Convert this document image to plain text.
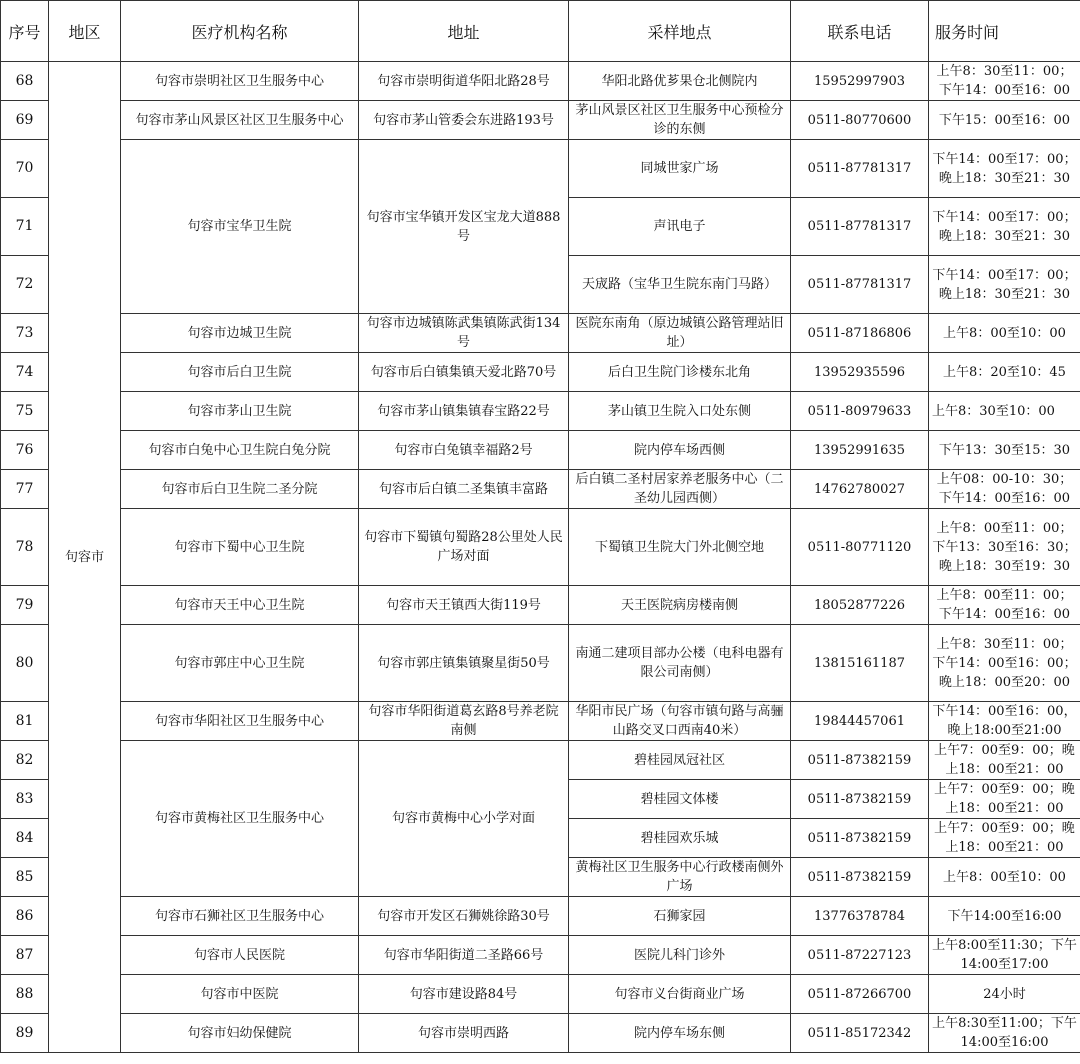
序号	地区	医疗机构名称	地址	采样地点	联系电话	服务时间
68	句容市	句容市崇明社区卫生服务中心	句容市崇明街道华阳北路28号	华阳北路优芗果仓北侧院内	15952997903	上午8：30至11：00；下午14：00至16：00
69		句容市茅山风景区社区卫生服务中心	句容市茅山管委会东进路193号	茅山风景区社区卫生服务中心预检分诊的东侧	0511-80770600	下午15：00至16：00
70		句容市宝华卫生院	句容市宝华镇开发区宝龙大道888号	同城世家广场	0511-87781317	下午14：00至17：00；晚上18：30至21：30
71				声讯电子	0511-87781317	下午14：00至17：00；晚上18：30至21：30
72				天宬路（宝华卫生院东南门马路）	0511-87781317	下午14：00至17：00；晚上18：30至21：30
73		句容市边城卫生院	句容市边城镇陈武集镇陈武街134号	医院东南角（原边城镇公路管理站旧址）	0511-87186806	上午8：00至10：00
74		句容市后白卫生院	句容市后白镇集镇天爱北路70号	后白卫生院门诊楼东北角	13952935596	上午8：20至10：45
75		句容市茅山卫生院	句容市茅山镇集镇春宝路22号	茅山镇卫生院入口处东侧	0511-80979633	上午8：30至10：00
76		句容市白兔中心卫生院白兔分院	句容市白兔镇幸福路2号	院内停车场西侧	13952991635	下午13：30至15：30
77		句容市后白卫生院二圣分院	句容市后白镇二圣集镇丰富路	后白镇二圣村居家养老服务中心（二圣幼儿园西侧）	14762780027	上午08：00-10：30；下午14：00至16：00
78		句容市下蜀中心卫生院	句容市下蜀镇句蜀路28公里处人民广场对面	下蜀镇卫生院大门外北侧空地	0511-80771120	上午8：00至11：00；下午13：30至16：30；晚上18：30至19：30
79		句容市天王中心卫生院	句容市天王镇西大街119号	天王医院病房楼南侧	18052877226	上午8：00至11：00；下午14：00至16：00
80		句容市郭庄中心卫生院	句容市郭庄镇集镇聚星街50号	南通二建项目部办公楼（电科电器有限公司南侧）	13815161187	上午8：30至11：00；下午14：00至16：00；晚上18：00至20：00
81		句容市华阳社区卫生服务中心	句容市华阳街道葛玄路8号养老院南侧	华阳市民广场（句容市镇句路与高骊山路交叉口西南40米）	19844457061	下午14：00至16：00，晚上18:00至21:00
82		句容市黄梅社区卫生服务中心	句容市黄梅中心小学对面	碧桂园凤冠社区	0511-87382159	上午7：00至9：00；晚上18：00至21：00
83				碧桂园文体楼	0511-87382159	上午7：00至9：00；晚上18：00至21：00
84				碧桂园欢乐城	0511-87382159	上午7：00至9：00；晚上18：00至21：00
85				黄梅社区卫生服务中心行政楼南侧外广场	0511-87382159	上午8：00至10：00
86		句容市石狮社区卫生服务中心	句容市开发区石狮姚徐路30号	石狮家园	13776378784	下午14:00至16:00
87		句容市人民医院	句容市华阳街道二圣路66号	医院儿科门诊外	0511-87227123	上午8:00至11:30；下午14:00至17:00
88		句容市中医院	句容市建设路84号	句容市义台街商业广场	0511-87266700	24小时
89		句容市妇幼保健院	句容市崇明西路	院内停车场东侧	0511-85172342	上午8:30至11:00；下午14:00至16:00
